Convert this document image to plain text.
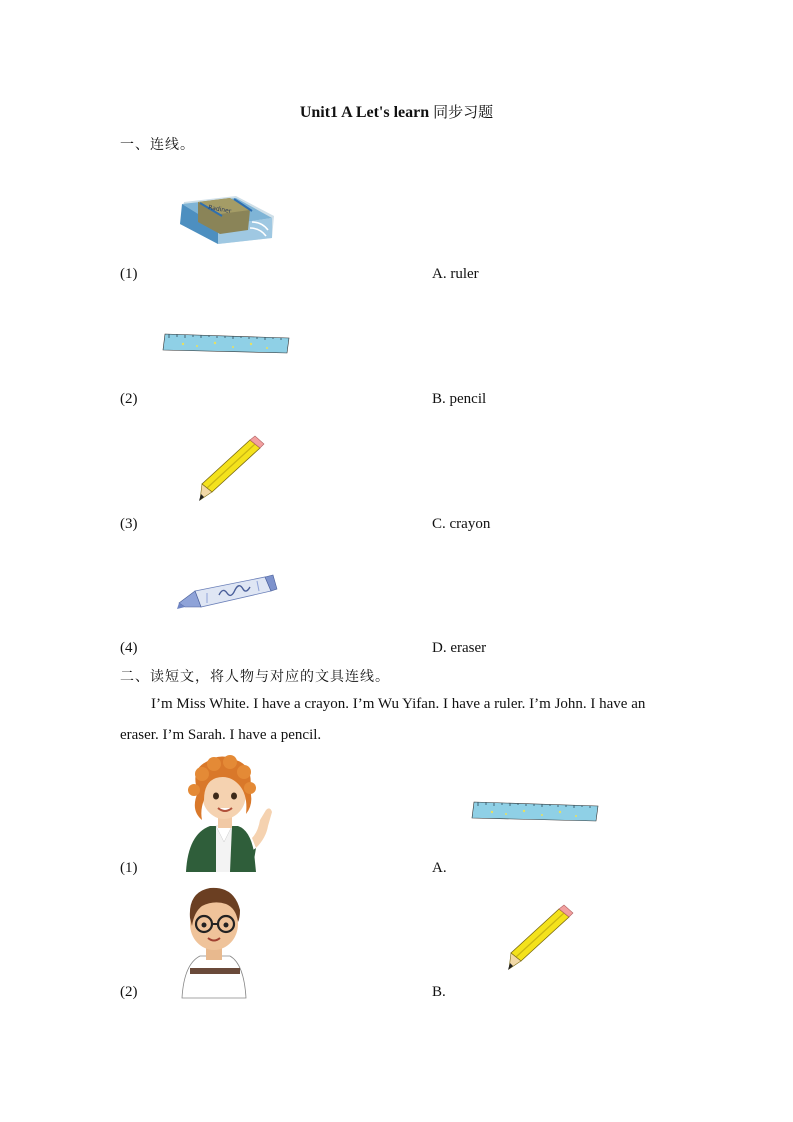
Unit1 A Let's learn 同步习题
一、连线。
Radiner
(1)	A. ruler
(2)	B. pencil
(3)	C. crayon
(4)	D. eraser
二、读短文，将人物与对应的文具连线。
I’m Miss White. I have a crayon. I’m Wu Yifan. I have a ruler. I’m John. I have an eraser. I’m Sarah. I have a pencil.
(1)	A.
(2)	B.
